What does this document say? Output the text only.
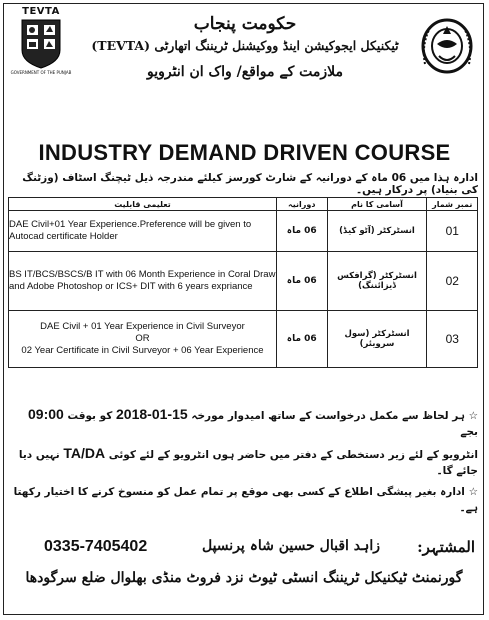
TEVTA
GOVERNMENT OF THE PUNJAB
حکومت پنجاب
ٹیکنیکل ایجوکیشن اینڈ ووکیشنل ٹریننگ اتھارٹی (TEVTA)
ملازمت کے مواقع/ واک ان انٹرویو
INDUSTRY DEMAND DRIVEN COURSE
ادارہ ہذا میں 06 ماہ کے دورانیہ کے شارٹ کورسز کیلئے مندرجہ ذیل ٹیچنگ اسٹاف (وزٹنگ کی بنیاد) پر درکار ہیں۔
تعلیمی قابلیت	دورانیہ	آسامی کا نام	نمبر شمار
DAE Civil+01 Year Experience.Preference will be given to Autocad certificate Holder	06 ماہ	انسٹرکٹر (آٹو کیڈ)	01
BS IT/BCS/BSCS/B IT with 06 Month Experience in Coral Draw and Adobe Photoshop or ICS+ DIT with 6 years expriance	06 ماہ	انسٹرکٹر (گرافکس ڈیزائننگ)	02

DAE Civil + 01 Year Experience in Civil Surveyor
OR
02 Year Certificate in Civil Surveyor + 06 Year Experience	06 ماہ	انسٹرکٹر (سول سرویئر)	03
☆ ہر لحاظ سے مکمل درخواست کے ساتھ امیدوار مورخہ 15-01-2018 کو بوقت 09:00 بجے
انٹرویو کے لئے زیر دستخطی کے دفتر میں حاضر ہوں انٹرویو کے لئے کوئی TA/DA نہیں دیا جائے گا۔
☆ ادارہ بغیر پیشگی اطلاع کے کسی بھی موقع پر تمام عمل کو منسوخ کرنے کا اختیار رکھتا ہے۔
المشتہر:
زاہد اقبال حسین شاہ پرنسپل
0335-7405402
گورنمنٹ ٹیکنیکل ٹریننگ انسٹی ٹیوٹ نزد فروٹ منڈی بھلوال ضلع سرگودھا
